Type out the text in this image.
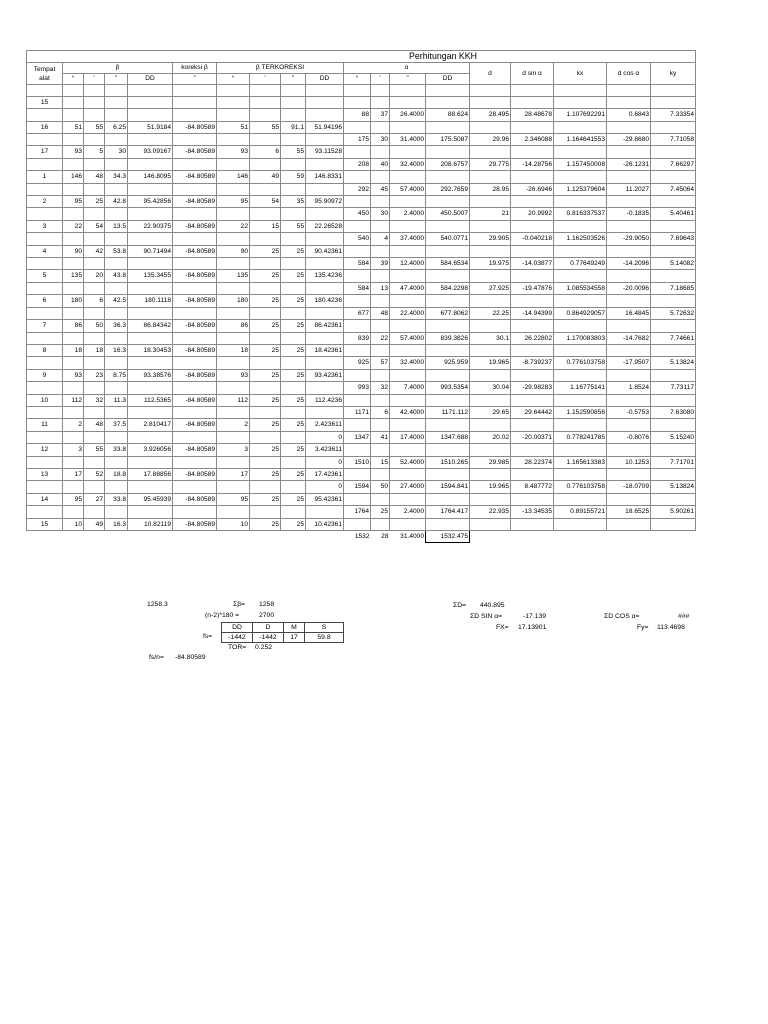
Perhitungan KKH																		
Tempat alat	β				koreksi β	β TERKOREKSI				α				d	d sin α	kx	d cos α	ky
	°	'	"	DD	"	°	'	"	DD	°	'	"	DD					

15																		
										88	37	26.4000	88.624	28.495	28.48678	1.107692291	0.6843	7.33354
16	51	55	6.25	51.9184	-84.80589	51	55	91.1	51.94196									
										175	30	31.4000	175.5087	29.96	2.346088	1.164641553	-29.8680	7.71058
17	93	5	30	93.09167	-84.80589	93	6	55	93.11528									
										208	40	32.4000	208.6757	29.775	-14.28756	1.157450008	-26.1231	7.66297
1	146	48	34.3	146.8095	-84.80589	146	49	59	146.8331									
										292	45	57.4000	292.7659	28.95	-26.6946	1.125379604	11.2027	7.45064
2	95	25	42.8	95.42856	-84.80589	95	54	35	95.90972									
										450	30	2.4000	450.5007	21	20.9992	0.816337537	-0.1835	5.40461
3	22	54	13.5	22.90375	-84.80589	22	15	55	22.26528									
										540	4	37.4000	540.0771	29.905	-0.040218	1.162503526	-29.9050	7.69643
4	90	42	53.8	90.71494	-84.80589	90	25	25	90.42361									
										584	39	12.4000	584.6534	19.975	-14.03877	0.77649249	-14.2096	5.14082
5	135	20	43.8	135.3455	-84.80589	135	25	25	135.4236									
										584	13	47.4000	584.2298	27.925	-19.47876	1.085534558	-20.0096	7.18685
6	180	6	42.5	180.1118	-84.80589	180	25	25	180.4236									
										677	48	22.4000	677.8062	22.25	-14.94399	0.864929057	16.4845	5.72632
7	86	50	36.3	86.84342	-84.80589	86	25	25	86.42361									
										839	22	57.4000	839.3826	30.1	26.22802	1.170083803	-14.7682	7.74661
8	18	18	16.3	18.30453	-84.80589	18	25	25	18.42361									
										925	57	32.4000	925.959	19.965	-8.739237	0.776103758	-17.9507	5.13824
9	93	23	8.75	93.38576	-84.80589	93	25	25	93.42361									
										993	32	7.4000	993.5354	30.04	-29.98283	1.16775141	1.8524	7.73117
10	112	32	11.3	112.5365	-84.80589	112	25	25	112.4236									
										1171	6	42.4000	1171.112	29.65	29.64442	1.152590856	-0.5753	7.63080
11	2	48	37.5	2.810417	-84.80589	2	25	25	2.423611									
									0	1347	41	17.4000	1347.688	20.02	-20.00371	0.778241785	-0.8076	5.15240
12	3	55	33.8	3.926056	-84.80589	3	25	25	3.423611									
									0	1510	15	52.4000	1510.265	29.985	28.22374	1.165613383	10.1253	7.71701
13	17	52	18.8	17.88856	-84.80589	17	25	25	17.42361									
									0	1594	50	27.4000	1594.841	19.965	8.487772	0.776103758	-18.0709	5.13824
14	95	27	33.8	95.45939	-84.80589	95	25	25	95.42361									
										1764	25	2.4000	1764.417	22.935	-13.34535	0.89155721	18.6525	5.90261
15	10	49	16.3	10.82119	-84.80589	10	25	25	10.42361									
										1532	28	31.4000	1532.475					
1258.3	Σβ= 1258
(n-2)*180 =	2700
DD	D	M	S
-1442	-1442	17	59.8
fs=
TOR= 0.252
fs/n= -84.80589
ΣD= 440.895
ΣD SIN α=	-17.139
FX= 17.13901
ΣD COS α=	###
Fy= 113.4698
